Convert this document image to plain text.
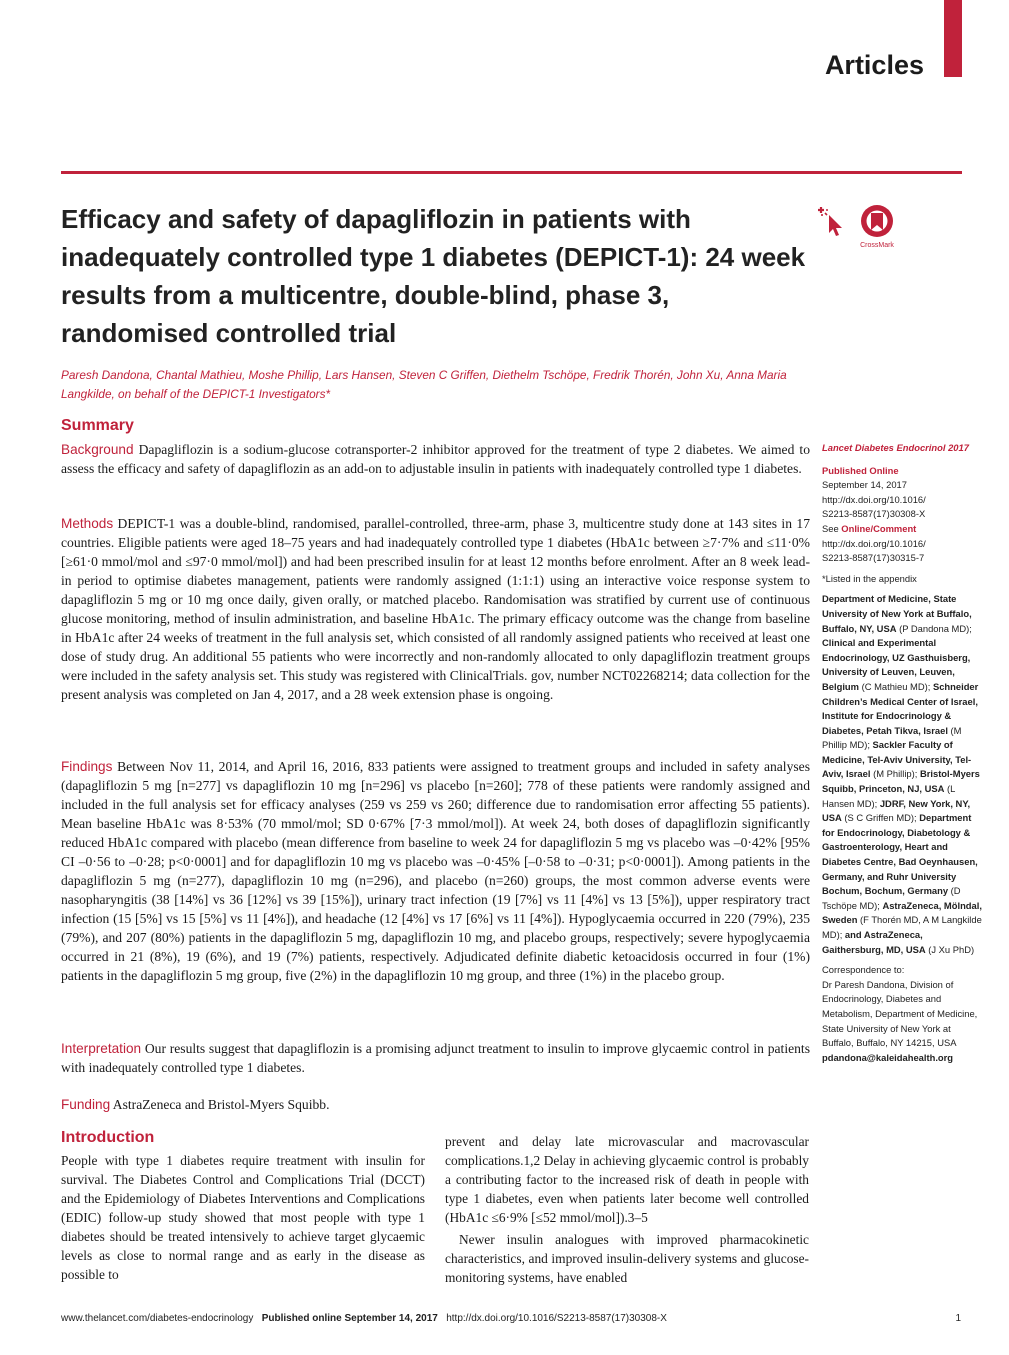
Articles
Efficacy and safety of dapagliflozin in patients with inadequately controlled type 1 diabetes (DEPICT-1): 24 week results from a multicentre, double-blind, phase 3, randomised controlled trial
CrossMark
Paresh Dandona, Chantal Mathieu, Moshe Phillip, Lars Hansen, Steven C Griffen, Diethelm Tschöpe, Fredrik Thorén, John Xu, Anna Maria Langkilde, on behalf of the DEPICT-1 Investigators*
Summary
Background Dapagliflozin is a sodium-glucose cotransporter-2 inhibitor approved for the treatment of type 2 diabetes. We aimed to assess the efficacy and safety of dapagliflozin as an add-on to adjustable insulin in patients with inadequately controlled type 1 diabetes.
Methods DEPICT-1 was a double-blind, randomised, parallel-controlled, three-arm, phase 3, multicentre study done at 143 sites in 17 countries. Eligible patients were aged 18–75 years and had inadequately controlled type 1 diabetes (HbA1c between ≥7·7% and ≤11·0% [≥61·0 mmol/mol and ≤97·0 mmol/mol]) and had been prescribed insulin for at least 12 months before enrolment. After an 8 week lead-in period to optimise diabetes management, patients were randomly assigned (1:1:1) using an interactive voice response system to dapagliflozin 5 mg or 10 mg once daily, given orally, or matched placebo. Randomisation was stratified by current use of continuous glucose monitoring, method of insulin administration, and baseline HbA1c. The primary efficacy outcome was the change from baseline in HbA1c after 24 weeks of treatment in the full analysis set, which consisted of all randomly assigned patients who received at least one dose of study drug. An additional 55 patients who were incorrectly and non-randomly allocated to only dapagliflozin treatment groups were included in the safety analysis set. This study was registered with ClinicalTrials. gov, number NCT02268214; data collection for the present analysis was completed on Jan 4, 2017, and a 28 week extension phase is ongoing.
Findings Between Nov 11, 2014, and April 16, 2016, 833 patients were assigned to treatment groups and included in safety analyses (dapagliflozin 5 mg [n=277] vs dapagliflozin 10 mg [n=296] vs placebo [n=260]; 778 of these patients were randomly assigned and included in the full analysis set for efficacy analyses (259 vs 259 vs 260; difference due to randomisation error affecting 55 patients). Mean baseline HbA1c was 8·53% (70 mmol/mol; SD 0·67% [7·3 mmol/mol]). At week 24, both doses of dapagliflozin significantly reduced HbA1c compared with placebo (mean difference from baseline to week 24 for dapagliflozin 5 mg vs placebo was –0·42% [95% CI –0·56 to –0·28; p<0·0001] and for dapagliflozin 10 mg vs placebo was –0·45% [–0·58 to –0·31; p<0·0001]). Among patients in the dapagliflozin 5 mg (n=277), dapagliflozin 10 mg (n=296), and placebo (n=260) groups, the most common adverse events were nasopharyngitis (38 [14%] vs 36 [12%] vs 39 [15%]), urinary tract infection (19 [7%] vs 11 [4%] vs 13 [5%]), upper respiratory tract infection (15 [5%] vs 15 [5%] vs 11 [4%]), and headache (12 [4%] vs 17 [6%] vs 11 [4%]). Hypoglycaemia occurred in 220 (79%), 235 (79%), and 207 (80%) patients in the dapagliflozin 5 mg, dapagliflozin 10 mg, and placebo groups, respectively; severe hypoglycaemia occurred in 21 (8%), 19 (6%), and 19 (7%) patients, respectively. Adjudicated definite diabetic ketoacidosis occurred in four (1%) patients in the dapagliflozin 5 mg group, five (2%) in the dapagliflozin 10 mg group, and three (1%) in the placebo group.
Interpretation Our results suggest that dapagliflozin is a promising adjunct treatment to insulin to improve glycaemic control in patients with inadequately controlled type 1 diabetes.
Funding AstraZeneca and Bristol-Myers Squibb.
Lancet Diabetes Endocrinol 2017
Published Online
September 14, 2017
http://dx.doi.org/10.1016/
S2213-8587(17)30308-X
See Online/Comment
http://dx.doi.org/10.1016/
S2213-8587(17)30315-7
*Listed in the appendix
Department of Medicine, State University of New York at Buffalo, Buffalo, NY, USA (P Dandona MD); Clinical and Experimental Endocrinology, UZ Gasthuisberg, University of Leuven, Leuven, Belgium (C Mathieu MD); Schneider Children’s Medical Center of Israel, Institute for Endocrinology & Diabetes, Petah Tikva, Israel (M Phillip MD); Sackler Faculty of Medicine, Tel-Aviv University, Tel-Aviv, Israel (M Phillip); Bristol-Myers Squibb, Princeton, NJ, USA (L Hansen MD); JDRF, New York, NY, USA (S C Griffen MD); Department for Endocrinology, Diabetology & Gastroenterology, Heart and Diabetes Centre, Bad Oeynhausen, Germany, and Ruhr University Bochum, Bochum, Germany (D Tschöpe MD); AstraZeneca, Mölndal, Sweden (F Thorén MD, A M Langkilde MD); and AstraZeneca, Gaithersburg, MD, USA (J Xu PhD)
Correspondence to:
Dr Paresh Dandona, Division of Endocrinology, Diabetes and Metabolism, Department of Medicine, State University of New York at Buffalo, Buffalo, NY 14215, USA
pdandona@kaleidahealth.org
Introduction
People with type 1 diabetes require treatment with insulin for survival. The Diabetes Control and Complications Trial (DCCT) and the Epidemiology of Diabetes Interventions and Complications (EDIC) follow-up study showed that most people with type 1 diabetes should be treated intensively to achieve target glycaemic levels as close to normal range and as early in the disease as possible to
prevent and delay late microvascular and macrovascular complications.1,2 Delay in achieving glycaemic control is probably a contributing factor to the increased risk of death in people with type 1 diabetes, even when patients later become well controlled (HbA1c ≤6·9% [≤52 mmol/mol]).3–5
Newer insulin analogues with improved pharmacokinetic characteristics, and improved insulin-delivery systems and glucose-monitoring systems, have enabled
www.thelancet.com/diabetes-endocrinology Published online September 14, 2017 http://dx.doi.org/10.1016/S2213-8587(17)30308-X	1
